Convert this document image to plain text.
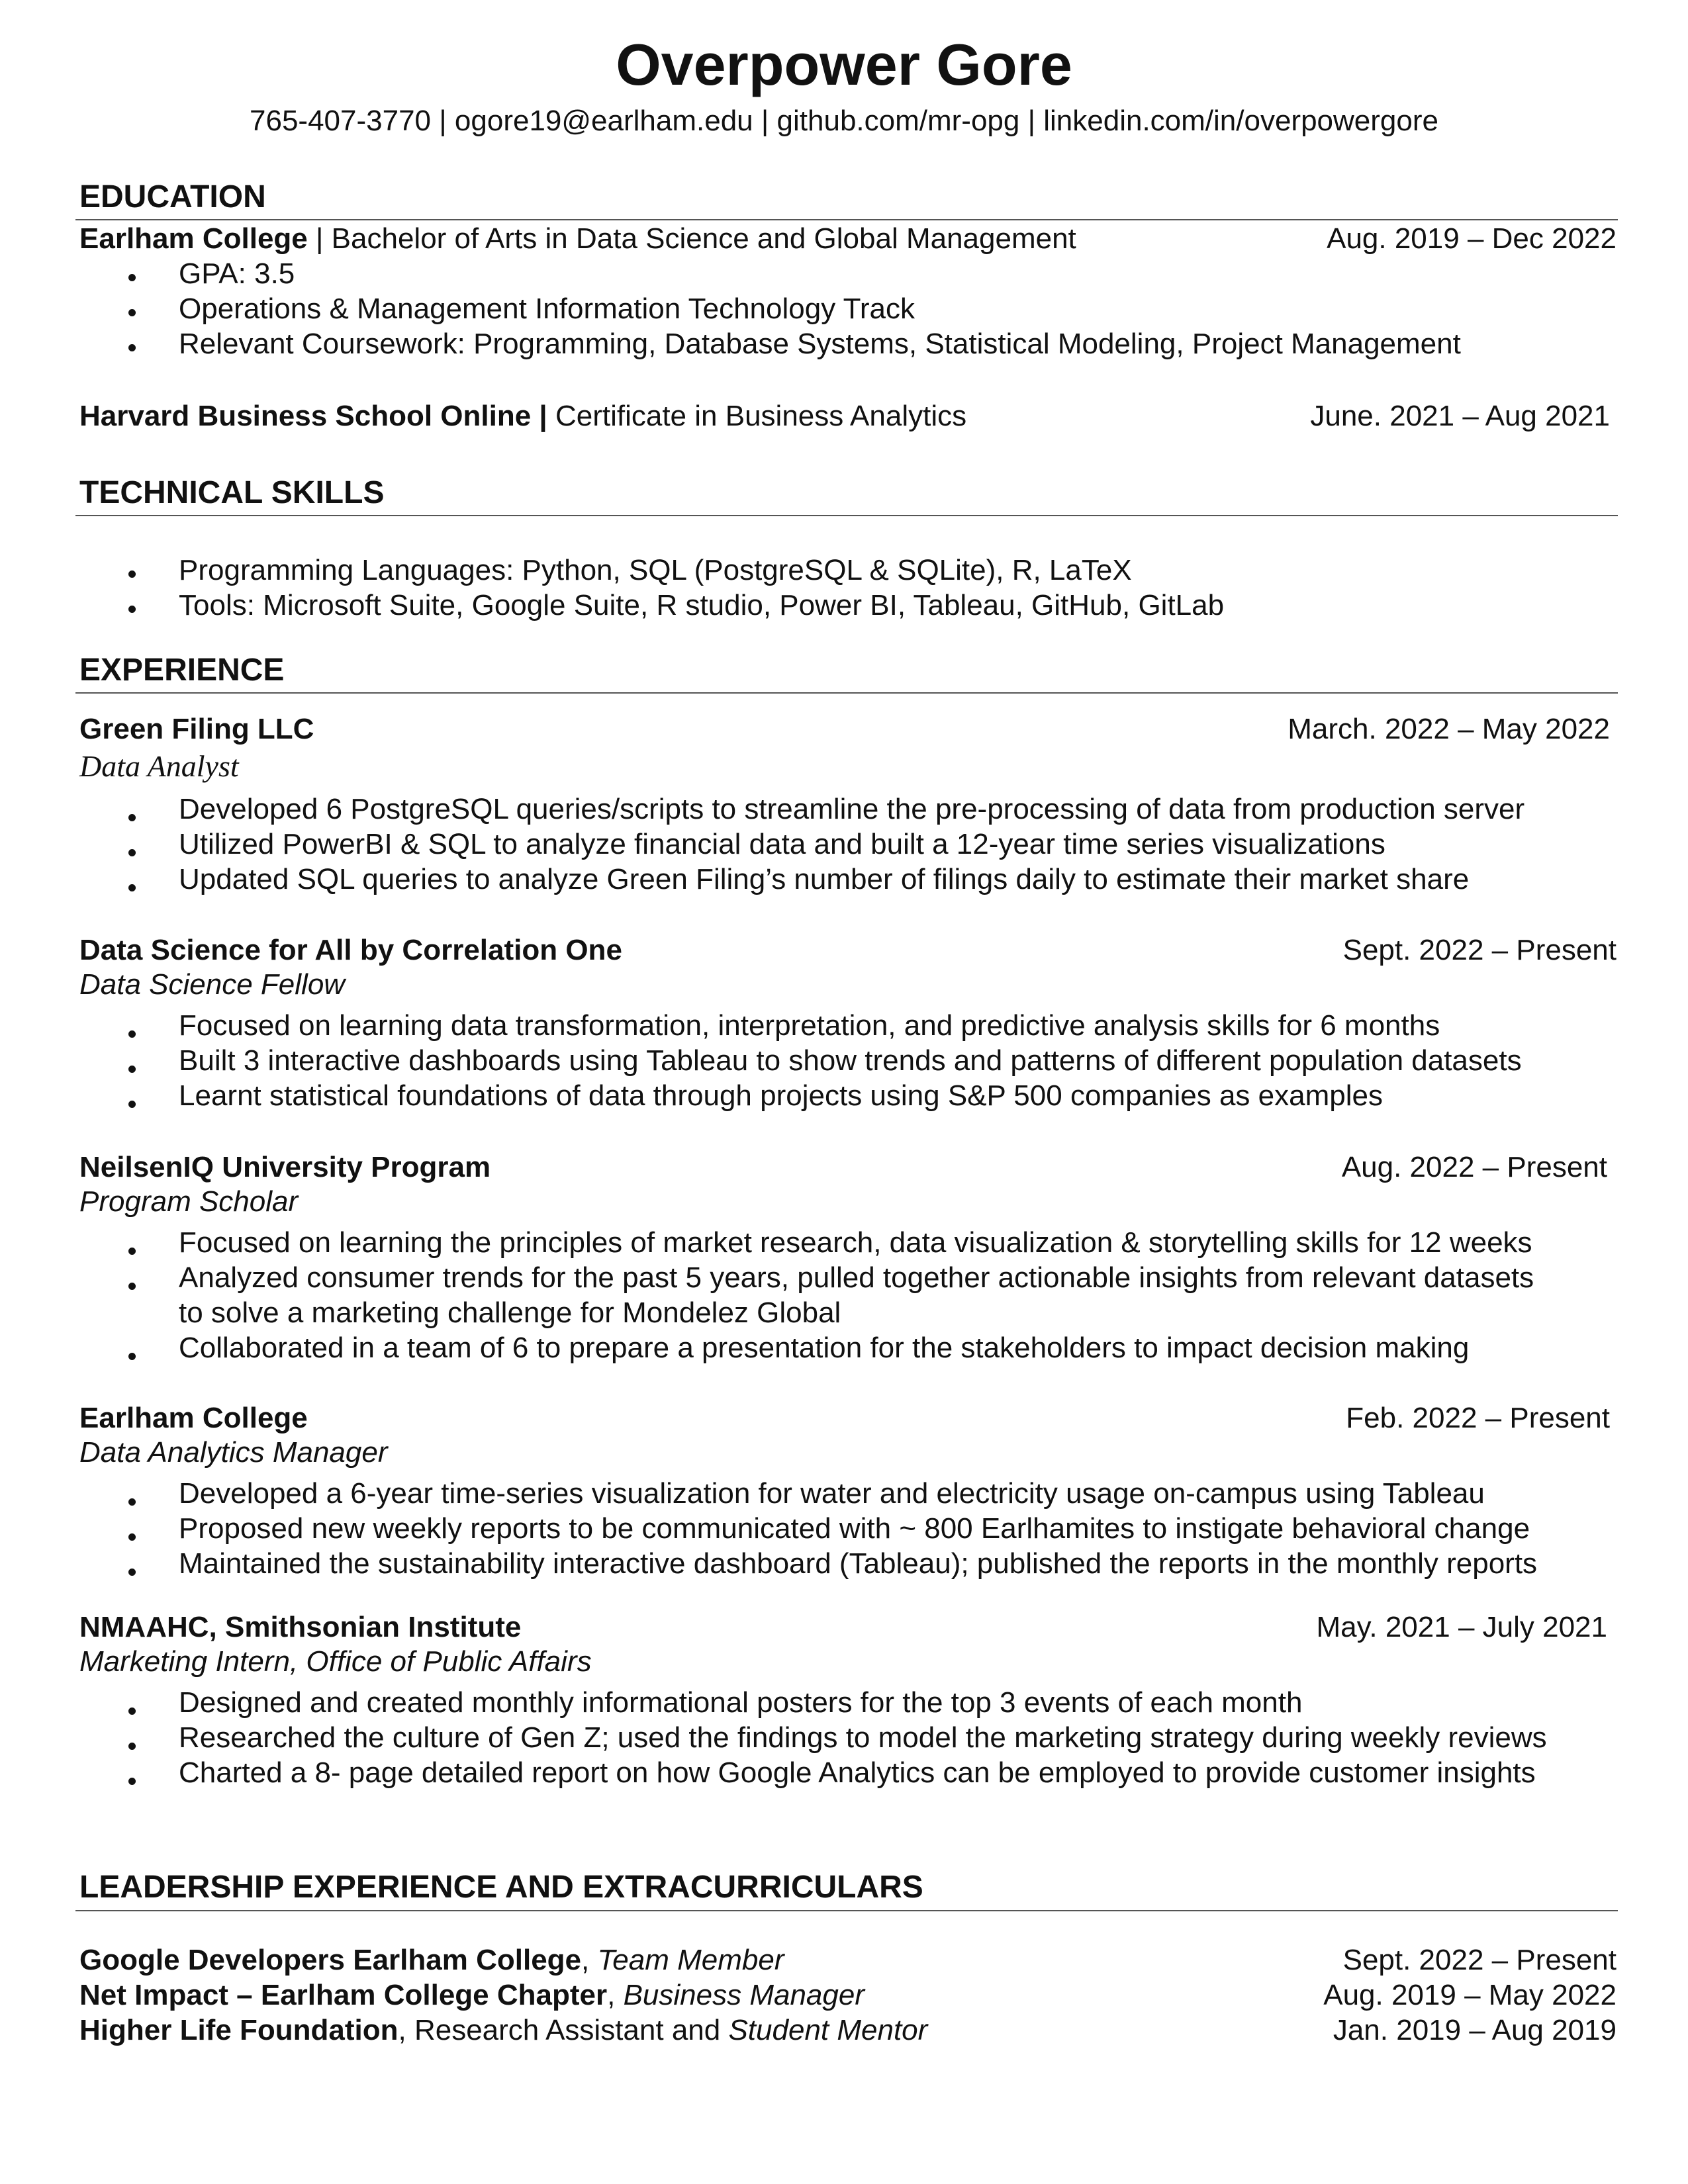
Overpower Gore
765-407-3770 | ogore19@earlham.edu | github.com/mr-opg | linkedin.com/in/overpowergore
EDUCATION
Earlham College | Bachelor of Arts in Data Science and Global Management	Aug. 2019 – Dec 2022
GPA: 3.5
Operations & Management Information Technology Track
Relevant Coursework: Programming, Database Systems, Statistical Modeling, Project Management
Harvard Business School Online | Certificate in Business Analytics	June. 2021 – Aug 2021
TECHNICAL SKILLS
Programming Languages: Python, SQL (PostgreSQL & SQLite), R, LaTeX
Tools: Microsoft Suite, Google Suite, R studio, Power BI, Tableau, GitHub, GitLab
EXPERIENCE
Green Filing LLC	March. 2022 – May 2022
Data Analyst
Developed 6 PostgreSQL queries/scripts to streamline the pre-processing of data from production server
Utilized PowerBI & SQL to analyze financial data and built a 12-year time series visualizations
Updated SQL queries to analyze Green Filing’s number of filings daily to estimate their market share
Data Science for All by Correlation One	Sept. 2022 – Present
Data Science Fellow
Focused on learning data transformation, interpretation, and predictive analysis skills for 6 months
Built 3 interactive dashboards using Tableau to show trends and patterns of different population datasets
Learnt statistical foundations of data through projects using S&P 500 companies as examples
NeilsenIQ University Program	Aug. 2022 – Present
Program Scholar
Focused on learning the principles of market research, data visualization & storytelling skills for 12 weeks
Analyzed consumer trends for the past 5 years, pulled together actionable insights from relevant datasets
to solve a marketing challenge for Mondelez Global
Collaborated in a team of 6 to prepare a presentation for the stakeholders to impact decision making
Earlham College	Feb. 2022 – Present
Data Analytics Manager
Developed a 6-year time-series visualization for water and electricity usage on-campus using Tableau
Proposed new weekly reports to be communicated with ~ 800 Earlhamites to instigate behavioral change
Maintained the sustainability interactive dashboard (Tableau); published the reports in the monthly reports
NMAAHC, Smithsonian Institute	May. 2021 – July 2021
Marketing Intern, Office of Public Affairs
Designed and created monthly informational posters for the top 3 events of each month
Researched the culture of Gen Z; used the findings to model the marketing strategy during weekly reviews
Charted a 8- page detailed report on how Google Analytics can be employed to provide customer insights
LEADERSHIP EXPERIENCE AND EXTRACURRICULARS
Google Developers Earlham College, Team Member	Sept. 2022 – Present
Net Impact – Earlham College Chapter, Business Manager	Aug. 2019 – May 2022
Higher Life Foundation, Research Assistant and Student Mentor	Jan. 2019 – Aug 2019
